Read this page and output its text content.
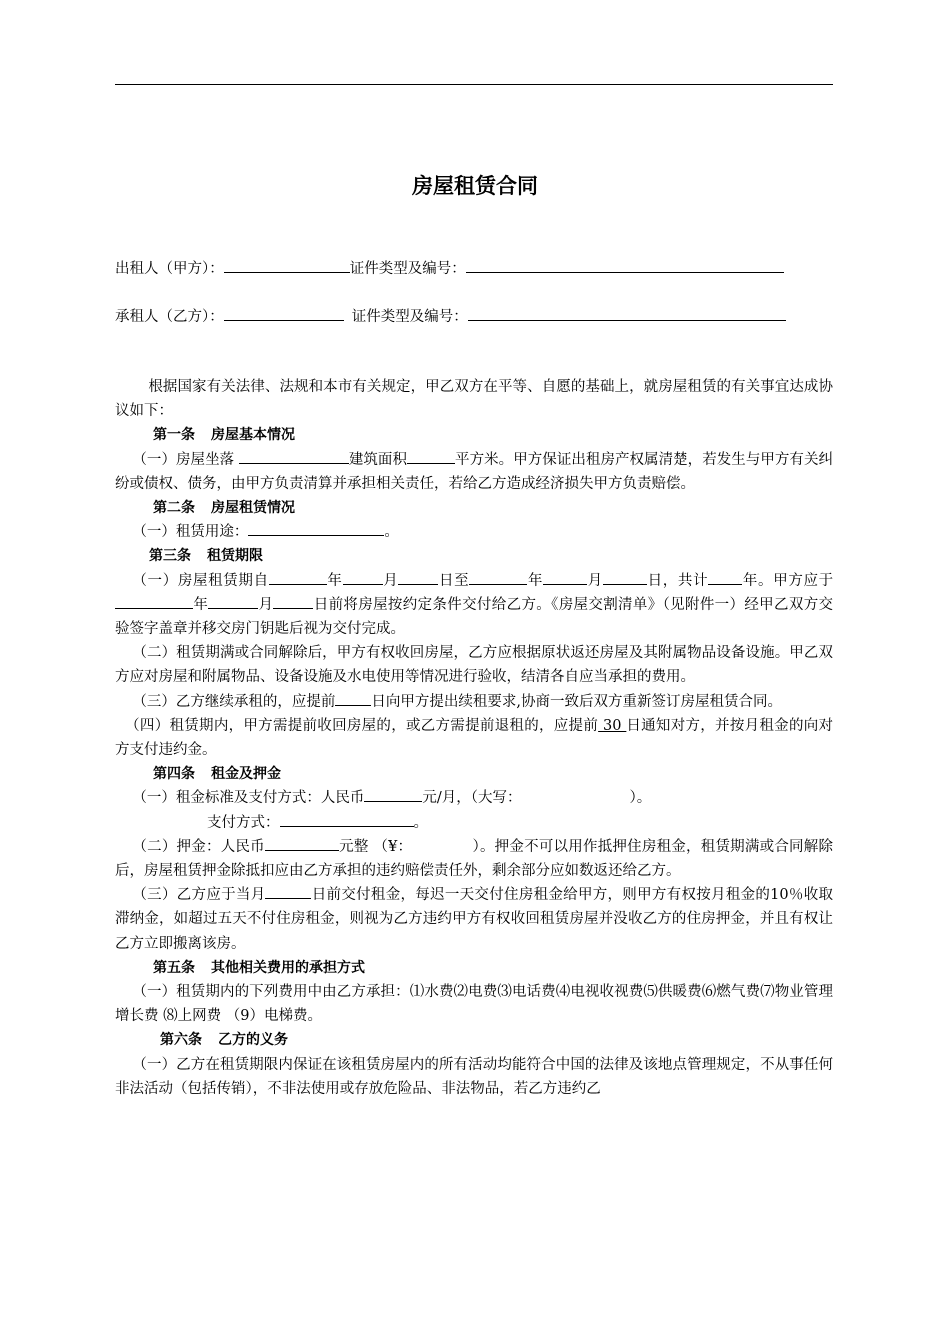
房屋租赁合同
出租人（甲方）：	证件类型及编号：
承租人（乙方）：	证件类型及编号：

根据国家有关法律、法规和本市有关规定，甲乙双方在平等、自愿的基础上，就房屋租赁的有关事宜达成协议如下：

第一条 房屋基本情况

（一）房屋坐落	建筑面积	平方米。甲方保证出租房产权属清楚，若发生与甲方有关纠纷或债权、债务，由甲方负责清算并承担相关责任，若给乙方造成经济损失甲方负责赔偿。

第二条 房屋租赁情况

（一）租赁用途：	。

第三条 租赁期限

（一）房屋租赁期自	年	月	日至	年	月	日，共计 年。甲方应于年	月	日前将房屋按约定条件交付给乙方。《房屋交割清单》（见附件一）经甲乙双方交验签字盖章并移交房门钥匙后视为交付完成。

（二）租赁期满或合同解除后，甲方有权收回房屋，乙方应根据原状返还房屋及其附属物品设备设施。甲乙双方应对房屋和附属物品、设备设施及水电使用等情况进行验收，结清各自应当承担的费用。

（三）乙方继续承租的，应提前 日向甲方提出续租要求,协商一致后双方重新签订房屋租赁合同。

（四）租赁期内，甲方需提前收回房屋的，或乙方需提前退租的，应提前 30 日通知对方，并按月租金的向对方支付违约金。

第四条 租金及押金

（一）租金标准及支付方式：人民币	元/月，（大写：	）。

支付方式：	。

（二）押金：人民币	元整 （¥：	）。押金不可以用作抵押住房租金，租赁期满或合同解除后，房屋租赁押金除抵扣应由乙方承担的违约赔偿责任外，剩余部分应如数返还给乙方。

（三）乙方应于当月	日前交付租金，每迟一天交付住房租金给甲方，则甲方有权按月租金的10％收取滞纳金，如超过五天不付住房租金，则视为乙方违约甲方有权收回租赁房屋并没收乙方的住房押金，并且有权让乙方立即搬离该房。

第五条 其他相关费用的承担方式

（一）租赁期内的下列费用中由乙方承担：⑴水费⑵电费⑶电话费⑷电视收视费⑸供暖费⑹燃气费⑺物业管理增长费 ⑻上网费 （9）电梯费。

第六条 乙方的义务

（一）乙方在租赁期限内保证在该租赁房屋内的所有活动均能符合中国的法律及该地点管理规定，不从事任何非法活动（包括传销），不非法使用或存放危险品、非法物品，若乙方违约乙
